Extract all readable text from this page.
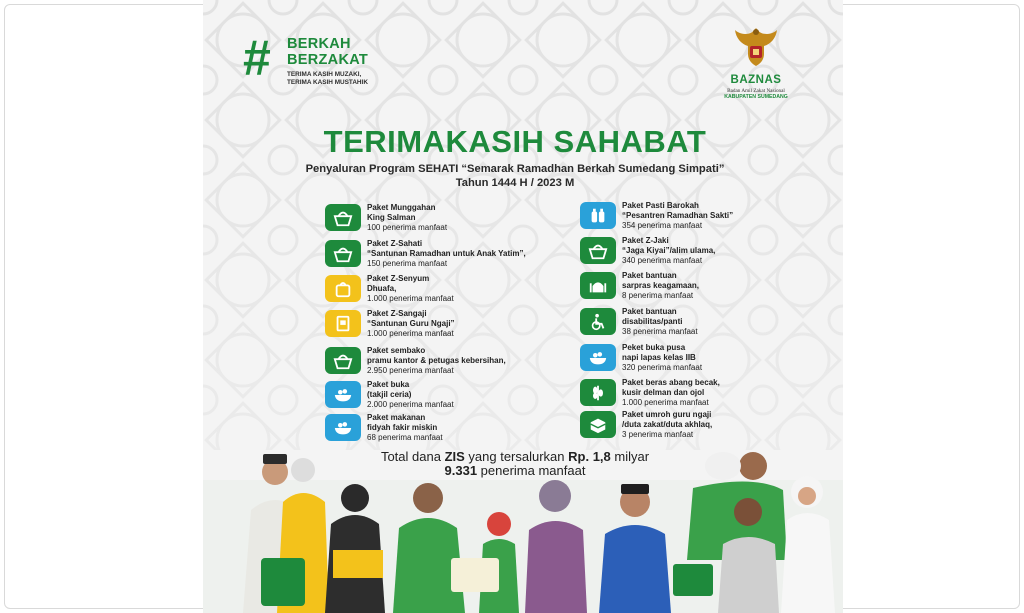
# BERKAH
BERZAKAT
TERIMA KASIH MUZAKI,
TERIMA KASIH MUSTAHIK	BAZNAS
Badan Amil Zakat Nasional
KABUPATEN SUMEDANG
TERIMAKASIH SAHABAT
Penyaluran Program SEHATI “Semarak Ramadhan Berkah Sumedang Simpati”
Tahun 1444 H / 2023 M
Paket Munggahan
King Salman
100 penerima manfaat
Paket Z-Sahati
“Santunan Ramadhan untuk Anak Yatim”,
150 penerima manfaat
Paket Z-Senyum
Dhuafa,
1.000 penerima manfaat
Paket Z-Sangaji
“Santunan Guru Ngaji”
1.000 penerima manfaat
Paket sembako
pramu kantor & petugas kebersihan,
2.950 penerima manfaat
Paket buka
(takjil ceria)
2.000 penerima manfaat
Paket makanan
fidyah fakir miskin
68 penerima manfaat
Paket Pasti Barokah
“Pesantren Ramadhan Sakti”
354 penerima manfaat
Paket Z-Jaki
“Jaga Kiyai”/alim ulama,
340 penerima manfaat
Paket bantuan
sarpras keagamaan,
8 penerima manfaat
Paket bantuan
disabilitas/panti
38 penerima manfaat
Peket buka pusa
napi lapas kelas IIB
320 penerima manfaat
Paket beras abang becak,
kusir delman dan ojol
1.000 penerima manfaat
Paket umroh guru ngaji
/duta zakat/duta akhlaq,
3 penerima manfaat
Total dana ZIS yang tersalurkan Rp. 1,8 milyar
9.331 penerima manfaat
